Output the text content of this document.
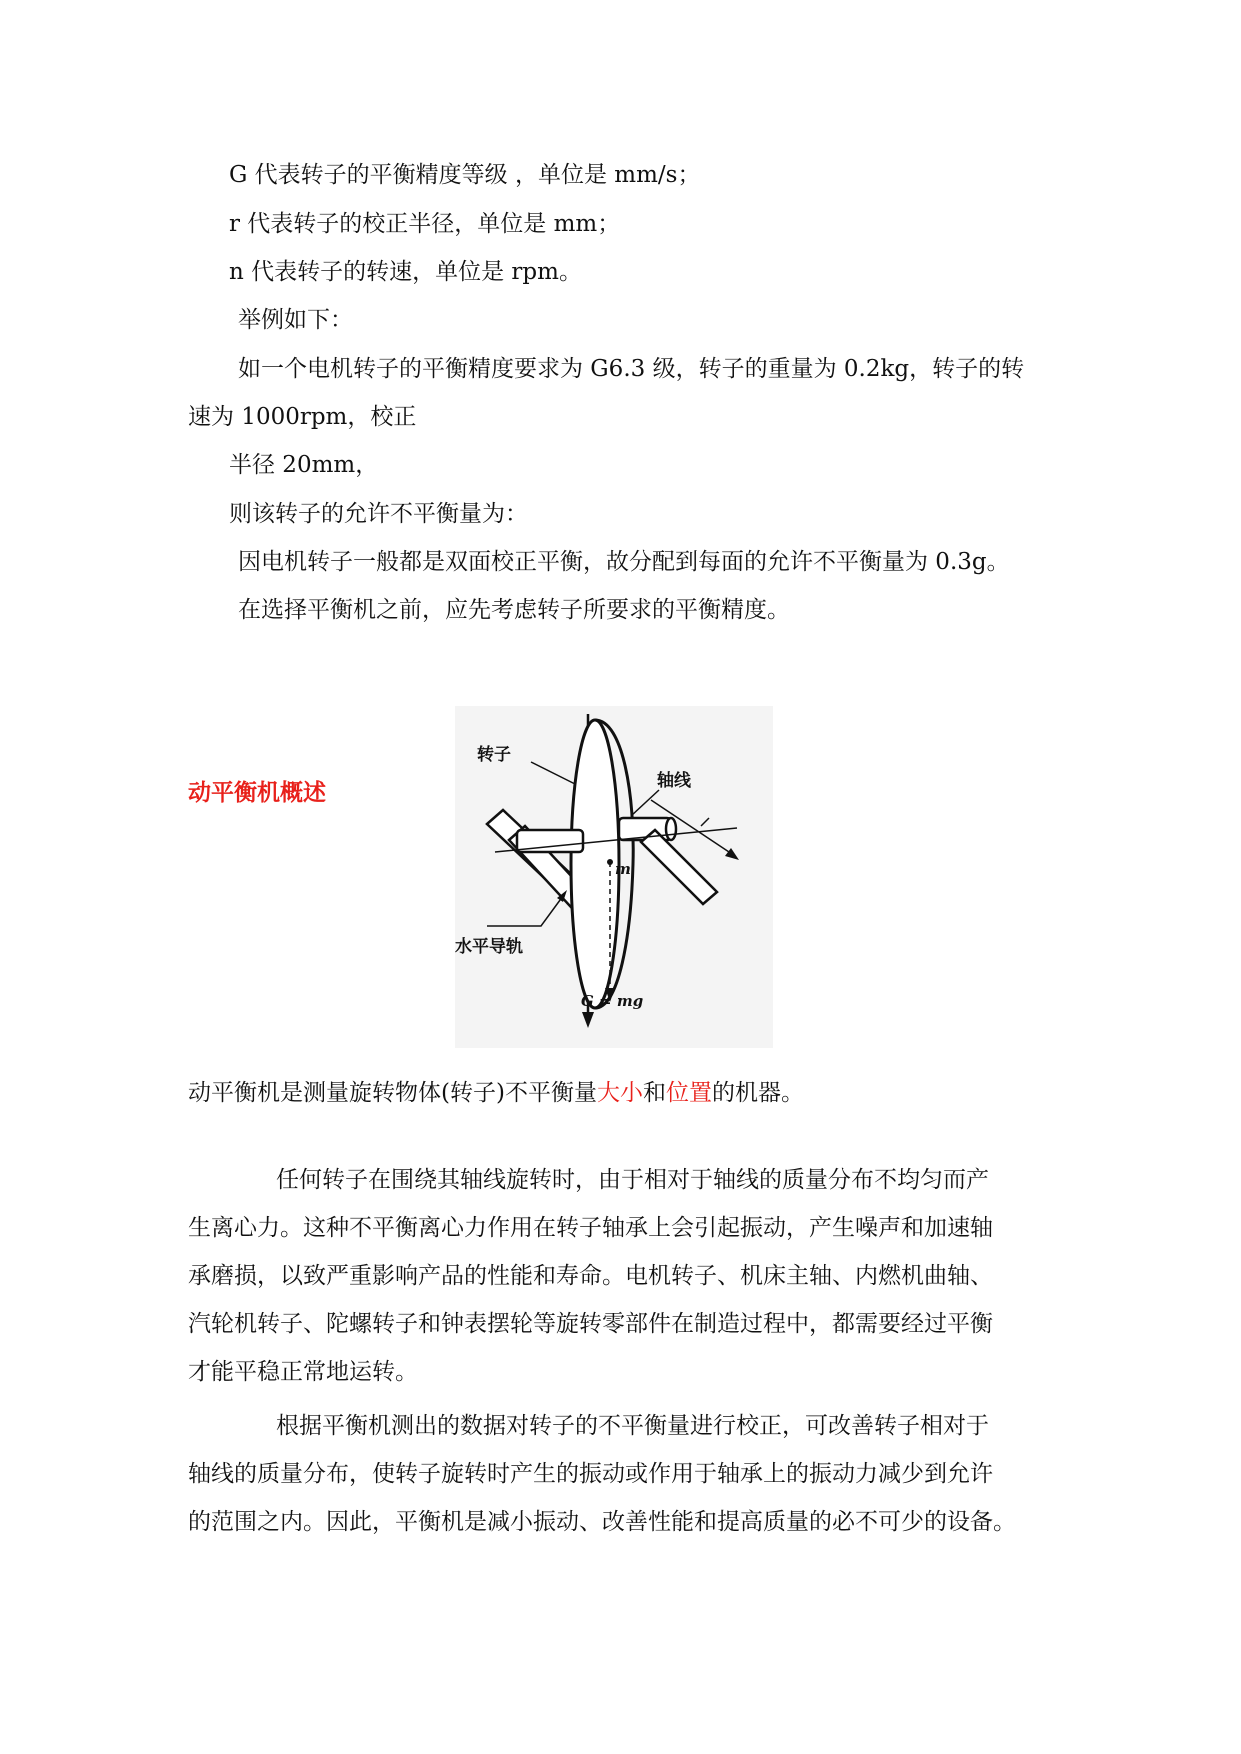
G 代表转子的平衡精度等级 ，单位是 mm/s；
r 代表转子的校正半径，单位是 mm；
n 代表转子的转速，单位是 rpm。
举例如下：
如一个电机转子的平衡精度要求为 G6.3 级，转子的重量为 0.2kg，转子的转
速为 1000rpm，校正
半径 20mm，
则该转子的允许不平衡量为：
因电机转子一般都是双面校正平衡，故分配到每面的允许不平衡量为 0.3g。
在选择平衡机之前，应先考虑转子所要求的平衡精度。
动平衡机概述
转子
轴线
水平导轨
m
G = mg
动平衡机是测量旋转物体(转子)不平衡量大小和位置的机器。
任何转子在围绕其轴线旋转时，由于相对于轴线的质量分布不均匀而产
生离心力。这种不平衡离心力作用在转子轴承上会引起振动，产生噪声和加速轴
承磨损，以致严重影响产品的性能和寿命。电机转子、机床主轴、内燃机曲轴、
汽轮机转子、陀螺转子和钟表摆轮等旋转零部件在制造过程中，都需要经过平衡
才能平稳正常地运转。
根据平衡机测出的数据对转子的不平衡量进行校正，可改善转子相对于
轴线的质量分布，使转子旋转时产生的振动或作用于轴承上的振动力减少到允许
的范围之内。因此，平衡机是减小振动、改善性能和提高质量的必不可少的设备。
